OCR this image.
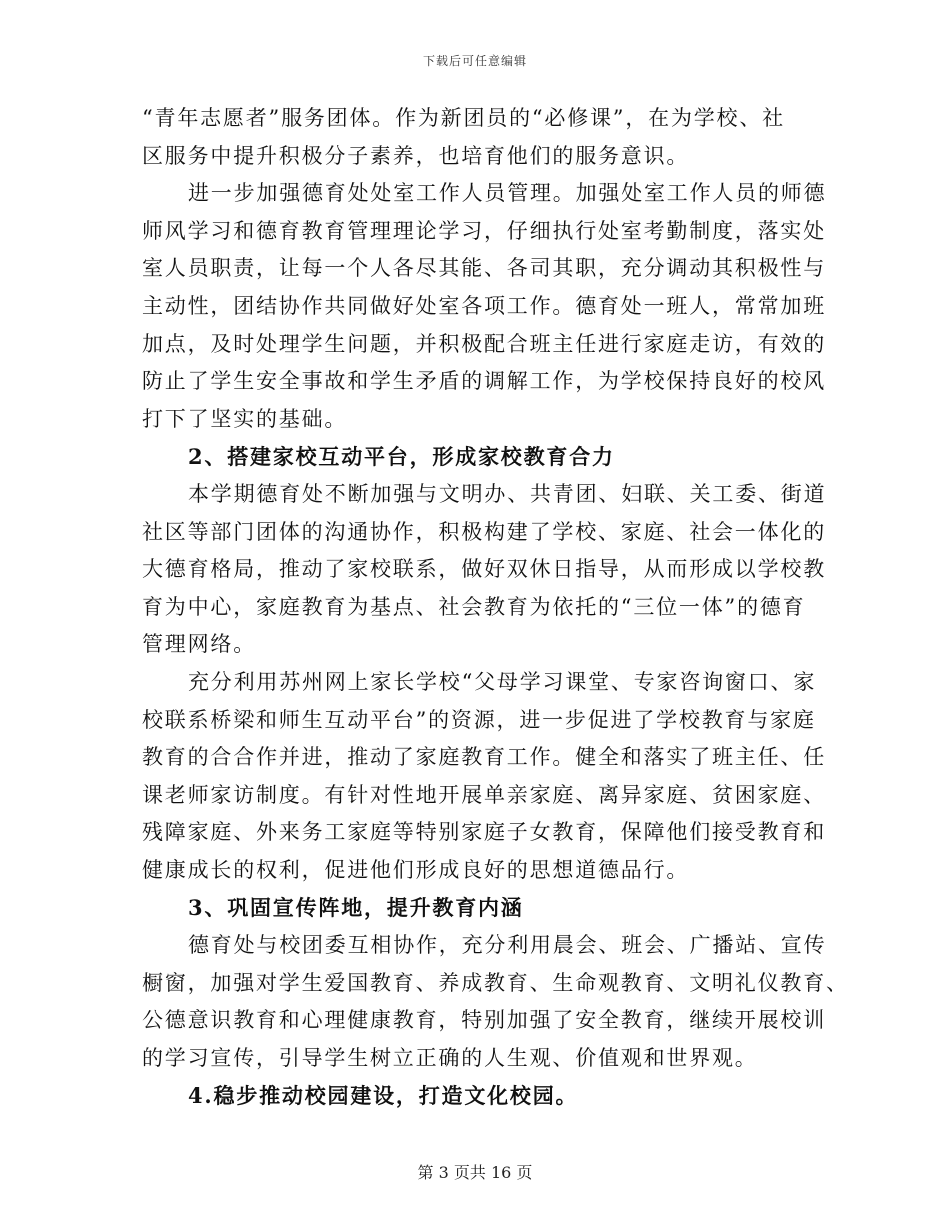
下载后可任意编辑
“青年志愿者”服务团体。作为新团员的“必修课”，在为学校、社
区服务中提升积极分子素养，也培育他们的服务意识。
进一步加强德育处处室工作人员管理。加强处室工作人员的师德
师风学习和德育教育管理理论学习，仔细执行处室考勤制度，落实处
室人员职责，让每一个人各尽其能、各司其职，充分调动其积极性与
主动性，团结协作共同做好处室各项工作。德育处一班人，常常加班
加点，及时处理学生问题，并积极配合班主任进行家庭走访，有效的
防止了学生安全事故和学生矛盾的调解工作，为学校保持良好的校风
打下了坚实的基础。
2、搭建家校互动平台，形成家校教育合力
本学期德育处不断加强与文明办、共青团、妇联、关工委、街道
社区等部门团体的沟通协作，积极构建了学校、家庭、社会一体化的
大德育格局，推动了家校联系，做好双休日指导，从而形成以学校教
育为中心，家庭教育为基点、社会教育为依托的“三位一体”的德育
管理网络。
充分利用苏州网上家长学校“父母学习课堂、专家咨询窗口、家
校联系桥梁和师生互动平台”的资源，进一步促进了学校教育与家庭
教育的合合作并进，推动了家庭教育工作。健全和落实了班主任、任
课老师家访制度。有针对性地开展单亲家庭、离异家庭、贫困家庭、
残障家庭、外来务工家庭等特别家庭子女教育，保障他们接受教育和
健康成长的权利，促进他们形成良好的思想道德品行。
3、巩固宣传阵地，提升教育内涵
德育处与校团委互相协作，充分利用晨会、班会、广播站、宣传
橱窗，加强对学生爱国教育、养成教育、生命观教育、文明礼仪教育、
公德意识教育和心理健康教育，特别加强了安全教育，继续开展校训
的学习宣传，引导学生树立正确的人生观、价值观和世界观。
4.稳步推动校园建设，打造文化校园。
第 3 页共 16 页
